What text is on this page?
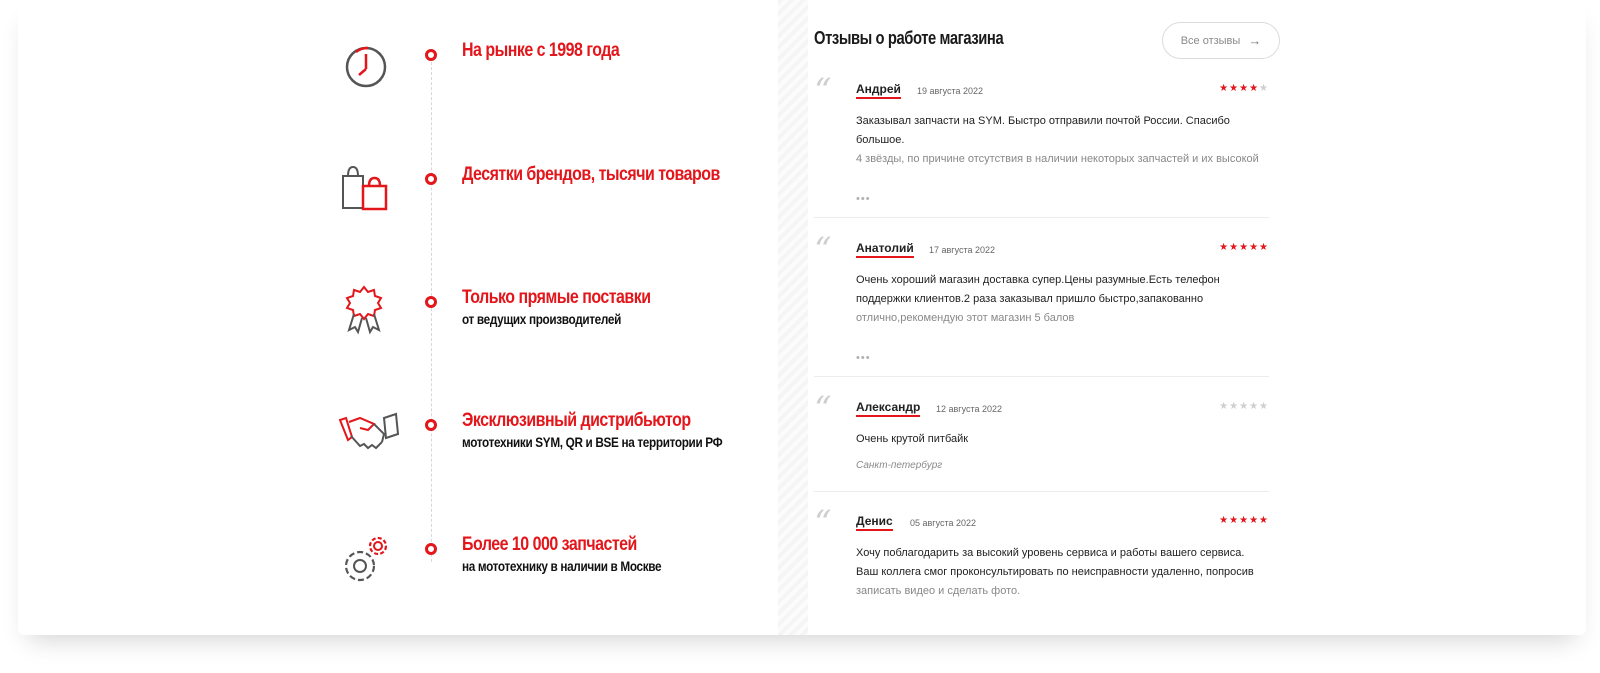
На рынке с 1998 года
Десятки брендов, тысячи товаров
Только прямые поставки
от ведущих производителей
Эксклюзивный дистрибьютор
мототехники SYM, QR и BSE на территории РФ
Более 10 000 запчастей
на мототехнику в наличии в Москве
Отзывы о работе магазина	Все отзывы →
“ Андрей 19 августа 2022	★★★★★
Заказывал запчасти на SYM. Быстро отправили почтой России. Спасибо большое.
4 звёзды, по причине отсутствия в наличии некоторых запчастей и их высокой
•••
“ Анатолий 17 августа 2022	★★★★★
Очень хороший магазин доставка супер.Цены разумные.Есть телефон поддержки клиентов.2 раза заказывал пришло быстро,запакованно
отлично,рекомендую этот магазин 5 балов
•••
“ Александр 12 августа 2022	★★★★★
Очень крутой питбайк
Санкт-петербург
“ Денис 05 августа 2022	★★★★★
Хочу поблагодарить за высокий уровень сервиса и работы вашего сервиса. Ваш коллега смог проконсультировать по неисправности удаленно, попросив
записать видео и сделать фото.
